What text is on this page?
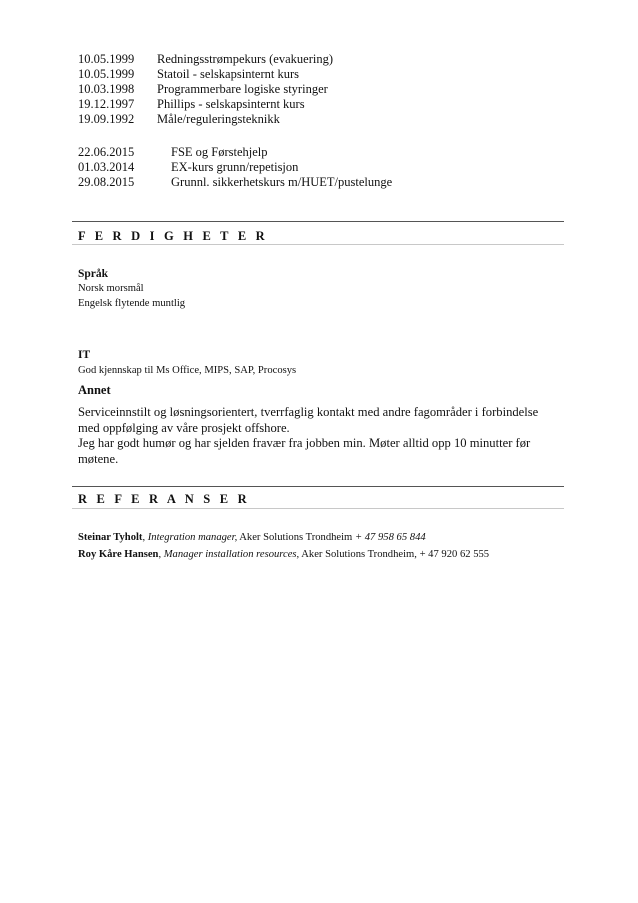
10.05.1999 Redningsstrømpekurs (evakuering)
10.05.1999 Statoil - selskapsinternt kurs
10.03.1998 Programmerbare logiske styringer
19.12.1997 Phillips - selskapsinternt kurs
19.09.1992 Måle/reguleringsteknikk
22.06.2015	FSE og Førstehjelp
01.03.2014	EX-kurs grunn/repetisjon
29.08.2015	Grunnl. sikkerhetskurs m/HUET/pustelunge
F E R D I G H E T E R
Språk
Norsk morsmål
Engelsk flytende muntlig
IT
God kjennskap til Ms Office, MIPS, SAP, Procosys
Annet
Serviceinnstilt og løsningsorientert, tverrfaglig kontakt med andre fagområder i forbindelse
med oppfølging av våre prosjekt offshore.
Jeg har godt humør og har sjelden fravær fra jobben min. Møter alltid opp 10 minutter før
møtene.
R E F E R A N S E R
Steinar Tyholt, Integration manager, Aker Solutions Trondheim + 47 958 65 844
Roy Kåre Hansen, Manager installation resources, Aker Solutions Trondheim, + 47 920 62 555
